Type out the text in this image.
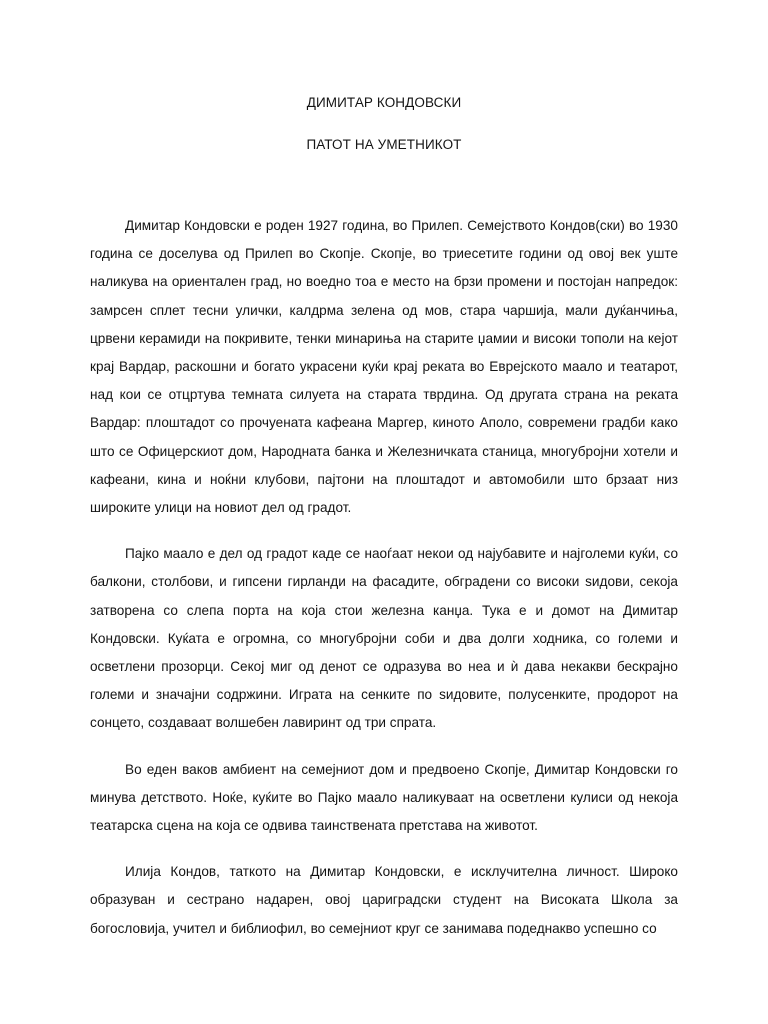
ДИМИТАР КОНДОВСКИ
ПАТОТ НА УМЕТНИКОТ

Димитар Кондовски е роден 1927 година, во Прилеп. Семејството Кондов(ски) во 1930 година се доселува од Прилеп во Скопје. Скопје, во триесетите години од овој век уште наликува на ориентален град, но воедно тоа е место на брзи промени и постојан напредок: замрсен сплет тесни улички, калдрма зелена од мов, стара чаршија, мали дуќанчиња, црвени керамиди на покривите, тенки минариња на старите џамии и високи тополи на кејот крај Вардар, раскошни и богато украсени куќи крај реката во Еврејското маало и театарот, над кои се отцртува темната силуета на старата тврдина. Од другата страна на реката Вардар: плоштадот со прочуената кафеана Маргер, киното Аполо, современи градби како што се Офицерскиот дом, Народната банка и Железничката станица, многубројни хотели и кафеани, кина и ноќни клубови, пајтони на плоштадот и автомобили што брзаат низ широките улици на новиот дел од градот.

Пајко маало е дел од градот каде се наоѓаат некои од најубавите и најголеми куќи, со балкони, столбови, и гипсени гирланди на фасадите, обградени со високи ѕидови, секоја затворена со слепа порта на која стои железна канџа. Тука е и домот на Димитар Кондовски. Куќата е огромна, со многубројни соби и два долги ходника, со големи и осветлени прозорци. Секој миг од денот се одразува во неа и ѝ дава некакви бескрајно големи и значајни содржини. Играта на сенките по ѕидовите, полусенките, продорот на сонцето, создаваат волшебен лавиринт од три спрата.

Во еден ваков амбиент на семејниот дом и предвоено Скопје, Димитар Кондовски го минува детството. Ноќе, куќите во Пајко маало наликуваат на осветлени кулиси од некоја театарска сцена на која се одвива таинствената претстава на животот.

Илија Кондов, таткото на Димитар Кондовски, е исклучителна личност. Широко образуван и сестрано надарен, овој цариградски студент на Високата Школа за богословија, учител и библиофил, во семејниот круг се занимава подеднакво успешно со
